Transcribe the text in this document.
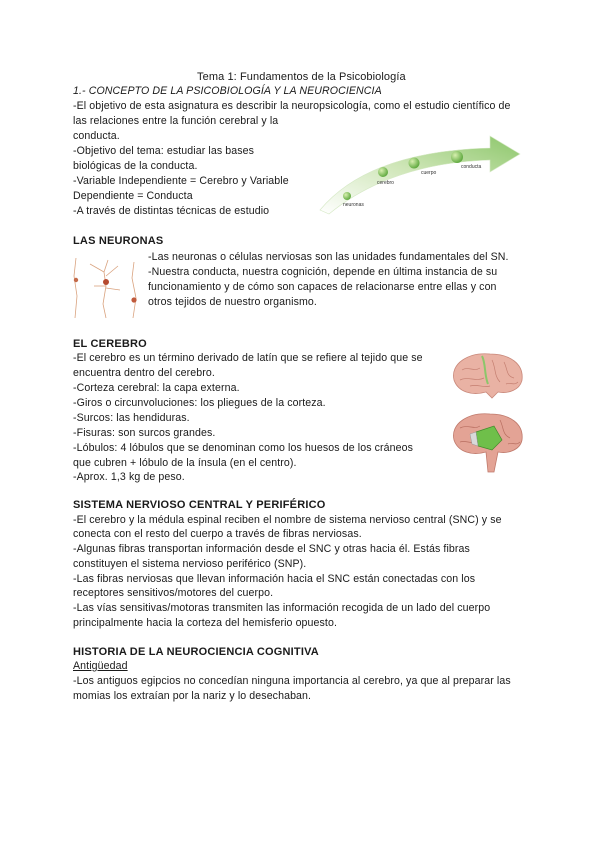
Tema 1: Fundamentos de la Psicobiología
1.- CONCEPTO DE LA PSICOBIOLOGÍA Y LA NEUROCIENCIA
-El objetivo de esta asignatura es describir la neuropsicología, como el estudio científico de
las relaciones entre la función cerebral y la
conducta.
-Objetivo del tema: estudiar las bases
biológicas de la conducta.
-Variable Independiente = Cerebro y Variable
Dependiente = Conducta
-A través de distintas técnicas de estudio	neuronas
cerebro
cuerpo
conducta
LAS NEURONAS
-Las neuronas o células nerviosas son las unidades fundamentales del SN.
-Nuestra conducta, nuestra cognición, depende en última instancia de su
funcionamiento y de cómo son capaces de relacionarse entre ellas y con
otros tejidos de nuestro organismo.
EL CEREBRO
-El cerebro es un término derivado de latín que se refiere al tejido que se
encuentra dentro del cerebro.
-Corteza cerebral: la capa externa.
-Giros o circunvoluciones: los pliegues de la corteza.
-Surcos: las hendiduras.
-Fisuras: son surcos grandes.
-Lóbulos: 4 lóbulos que se denominan como los huesos de los cráneos
que cubren + lóbulo de la ínsula (en el centro).
-Aprox. 1,3 kg de peso.
SISTEMA NERVIOSO CENTRAL Y PERIFÉRICO
-El cerebro y la médula espinal reciben el nombre de sistema nervioso central (SNC) y se
conecta con el resto del cuerpo a través de fibras nerviosas.
-Algunas fibras transportan información desde el SNC y otras hacia él. Estás fibras
constituyen el sistema nervioso periférico (SNP).
-Las fibras nerviosas que llevan información hacia el SNC están conectadas con los
receptores sensitivos/motores del cuerpo.
-Las vías sensitivas/motoras transmiten las información recogida de un lado del cuerpo
principalmente hacia la corteza del hemisferio opuesto.
HISTORIA DE LA NEUROCIENCIA COGNITIVA
Antigüedad
-Los antiguos egipcios no concedían ninguna importancia al cerebro, ya que al preparar las
momias los extraían por la nariz y lo desechaban.
